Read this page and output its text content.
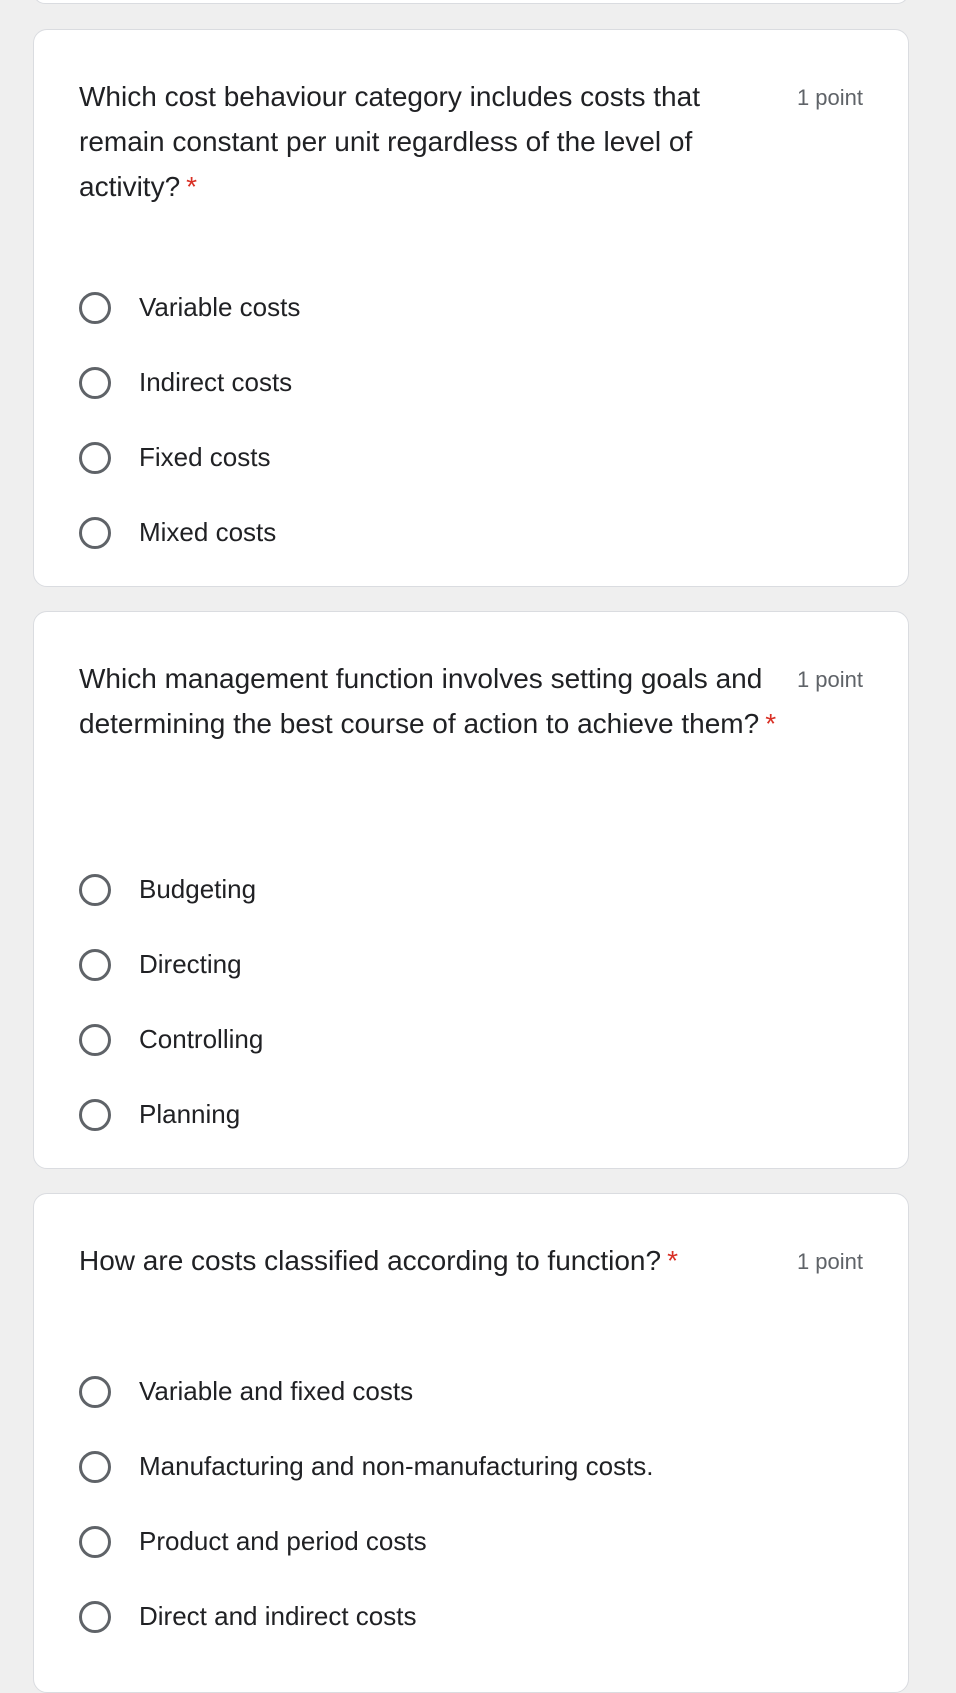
Which cost behaviour category includes costs that remain constant per unit regardless of the level of activity? *
1 point
Variable costs
Indirect costs
Fixed costs
Mixed costs
Which management function involves setting goals and determining the best course of action to achieve them? *
1 point
Budgeting
Directing
Controlling
Planning
How are costs classified according to function? *	1 point
Variable and fixed costs
Manufacturing and non-manufacturing costs.
Product and period costs
Direct and indirect costs
